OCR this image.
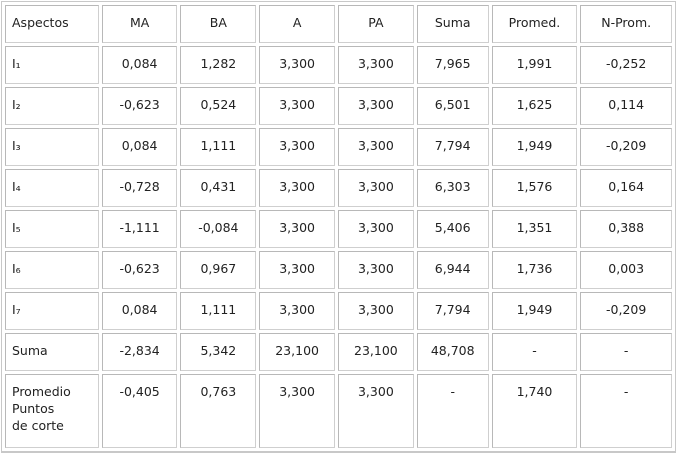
Aspectos	MA	BA	A	PA	Suma	Promed.	N-Prom.
I₁	0,084	1,282	3,300	3,300	7,965	1,991	-0,252
I₂	-0,623	0,524	3,300	3,300	6,501	1,625	0,114
I₃	0,084	1,111	3,300	3,300	7,794	1,949	-0,209
I₄	-0,728	0,431	3,300	3,300	6,303	1,576	0,164
I₅	-1,111	-0,084	3,300	3,300	5,406	1,351	0,388
I₆	-0,623	0,967	3,300	3,300	6,944	1,736	0,003
I₇	0,084	1,111	3,300	3,300	7,794	1,949	-0,209
Suma	-2,834	5,342	23,100	23,100	48,708	-	-

Promedio
Puntos
de corte	-0,405	0,763	3,300	3,300	-	1,740	-
